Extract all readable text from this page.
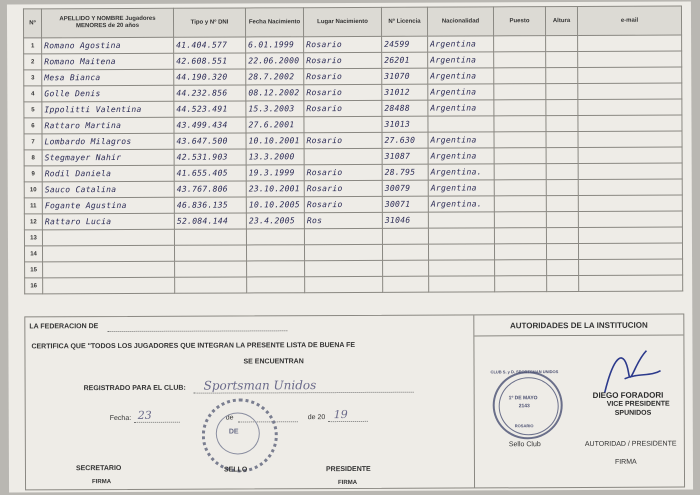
Nº	APELLIDO Y NOMBRE Jugadores MENORES de 20 años	Tipo y Nº DNI	Fecha Nacimiento	Lugar Nacimiento	Nº Licencia	Nacionalidad	Puesto	Altura	e-mail
1	Romano Agostina	41.404.577	6.01.1999	Rosario	24599	Argentina			
2	Romano Maitena	42.608.551	22.06.2000	Rosario	26201	Argentina			
3	Mesa Bianca	44.190.320	28.7.2002	Rosario	31070	Argentina			
4	Golle Denis	44.232.856	08.12.2002	Rosario	31012	Argentina			
5	Ippolitti Valentina	44.523.491	15.3.2003	Rosario	28488	Argentina			
6	Rattaro Martina	43.499.434	27.6.2001		31013				
7	Lombardo Milagros	43.647.500	10.10.2001	Rosario	27.630	Argentina			
8	Stegmayer Nahir	42.531.903	13.3.2000		31087	Argentina			
9	Rodil Daniela	41.655.405	19.3.1999	Rosario	28.795	Argentina.			
10	Sauco Catalina	43.767.806	23.10.2001	Rosario	30079	Argentina			
11	Fogante Agustina	46.836.135	10.10.2005	Rosario	30071	Argentina.			
12	Rattaro Lucia	52.084.144	23.4.2005	Ros	31046				
13									
14									
15									
16									
LA FEDERACION DE
CERTIFICA QUE "TODOS LOS JUGADORES QUE INTEGRAN LA PRESENTE LISTA DE BUENA FE
SE ENCUENTRAN
REGISTRADO PARA EL CLUB: Sportsman Unidos
Fecha: 23	de	de 20 19
DE
SECRETARIO
FIRMA
SELLO	PRESIDENTE
FIRMA
AUTORIDADES DE LA INSTITUCION
CLUB S. y D. SPORTSMAN UNIDOS
1º DE MAYO
2143
ROSARIO
Sello Club
DIEGO FORADORI
VICE PRESIDENTE
SPUNIDOS
AUTORIDAD / PRESIDENTE
FIRMA
